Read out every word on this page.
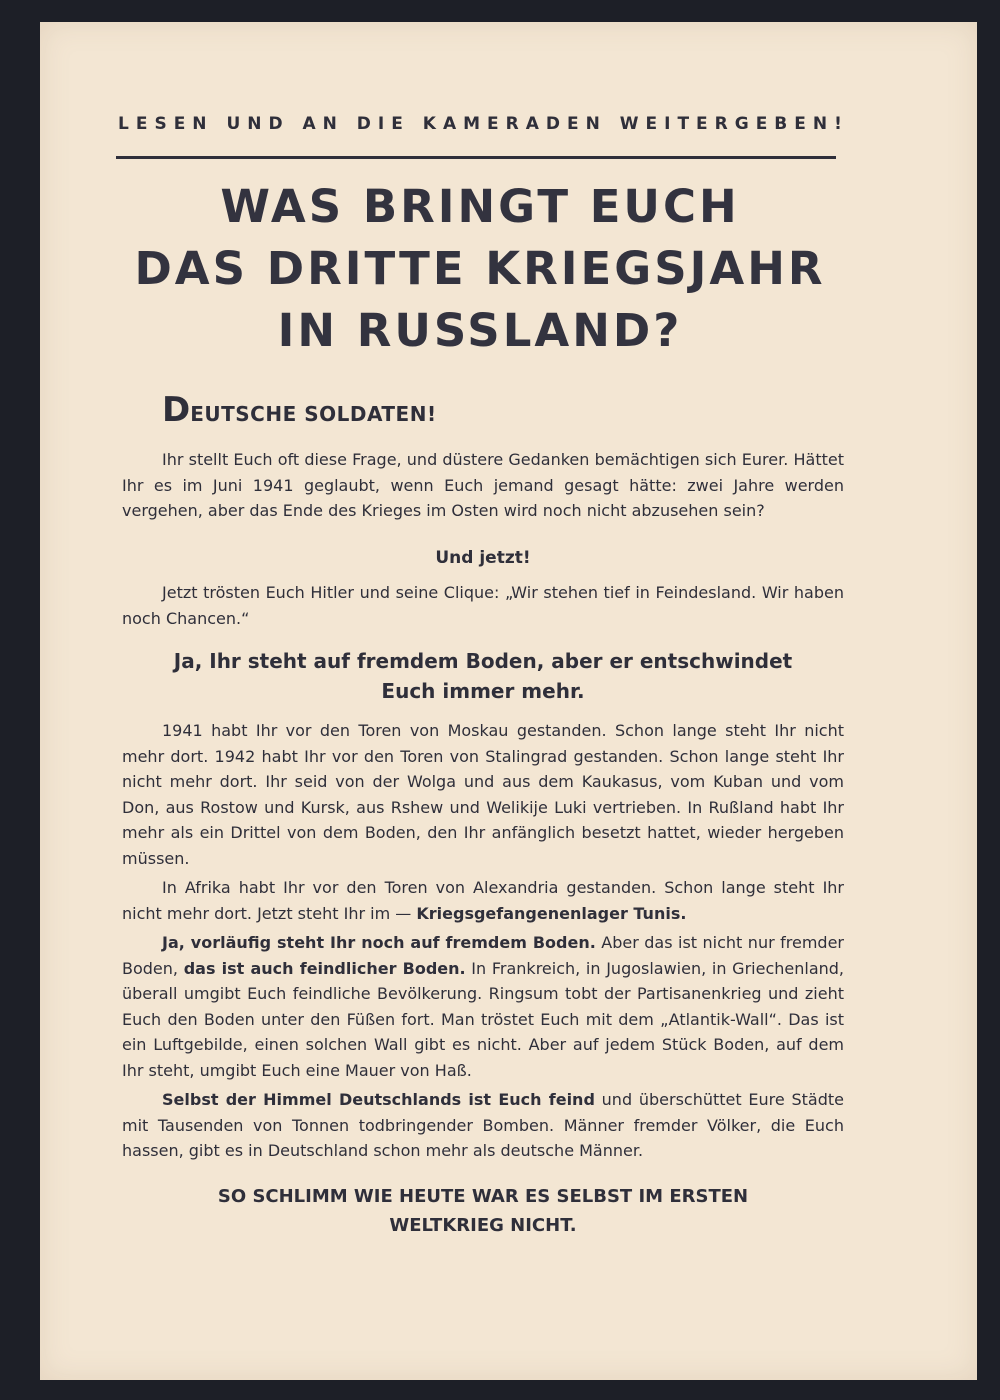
LESEN UND AN DIE KAMERADEN WEITERGEBEN!
WAS BRINGT EUCH
DAS DRITTE KRIEGSJAHR
IN RUSSLAND?
DEUTSCHE SOLDATEN!

Ihr stellt Euch oft diese Frage, und düstere Gedanken bemächtigen sich Eurer. Hättet Ihr es im Juni 1941 geglaubt, wenn Euch jemand gesagt hätte: zwei Jahre werden vergehen, aber das Ende des Krieges im Osten wird noch nicht abzusehen sein?

Und jetzt!

Jetzt trösten Euch Hitler und seine Clique: „Wir stehen tief in Feindesland. Wir haben noch Chancen.“

Ja, Ihr steht auf fremdem Boden, aber er entschwindet
Euch immer mehr.

1941 habt Ihr vor den Toren von Moskau gestanden. Schon lange steht Ihr nicht mehr dort. 1942 habt Ihr vor den Toren von Stalingrad gestanden. Schon lange steht Ihr nicht mehr dort. Ihr seid von der Wolga und aus dem Kaukasus, vom Kuban und vom Don, aus Rostow und Kursk, aus Rshew und Welikije Luki vertrieben. In Rußland habt Ihr mehr als ein Drittel von dem Boden, den Ihr anfänglich besetzt hattet, wieder hergeben müssen.

In Afrika habt Ihr vor den Toren von Alexandria gestanden. Schon lange steht Ihr nicht mehr dort. Jetzt steht Ihr im — Kriegsgefangenenlager Tunis.

Ja, vorläufig steht Ihr noch auf fremdem Boden. Aber das ist nicht nur fremder Boden, das ist auch feindlicher Boden. In Frankreich, in Jugoslawien, in Griechenland, überall umgibt Euch feindliche Bevölkerung. Ringsum tobt der Partisanenkrieg und zieht Euch den Boden unter den Füßen fort. Man tröstet Euch mit dem „Atlantik-Wall“. Das ist ein Luftgebilde, einen solchen Wall gibt es nicht. Aber auf jedem Stück Boden, auf dem Ihr steht, umgibt Euch eine Mauer von Haß.

Selbst der Himmel Deutschlands ist Euch feind und überschüttet Eure Städte mit Tausenden von Tonnen todbringender Bomben. Männer fremder Völker, die Euch hassen, gibt es in Deutschland schon mehr als deutsche Männer.

SO SCHLIMM WIE HEUTE WAR ES SELBST IM ERSTEN
WELTKRIEG NICHT.
